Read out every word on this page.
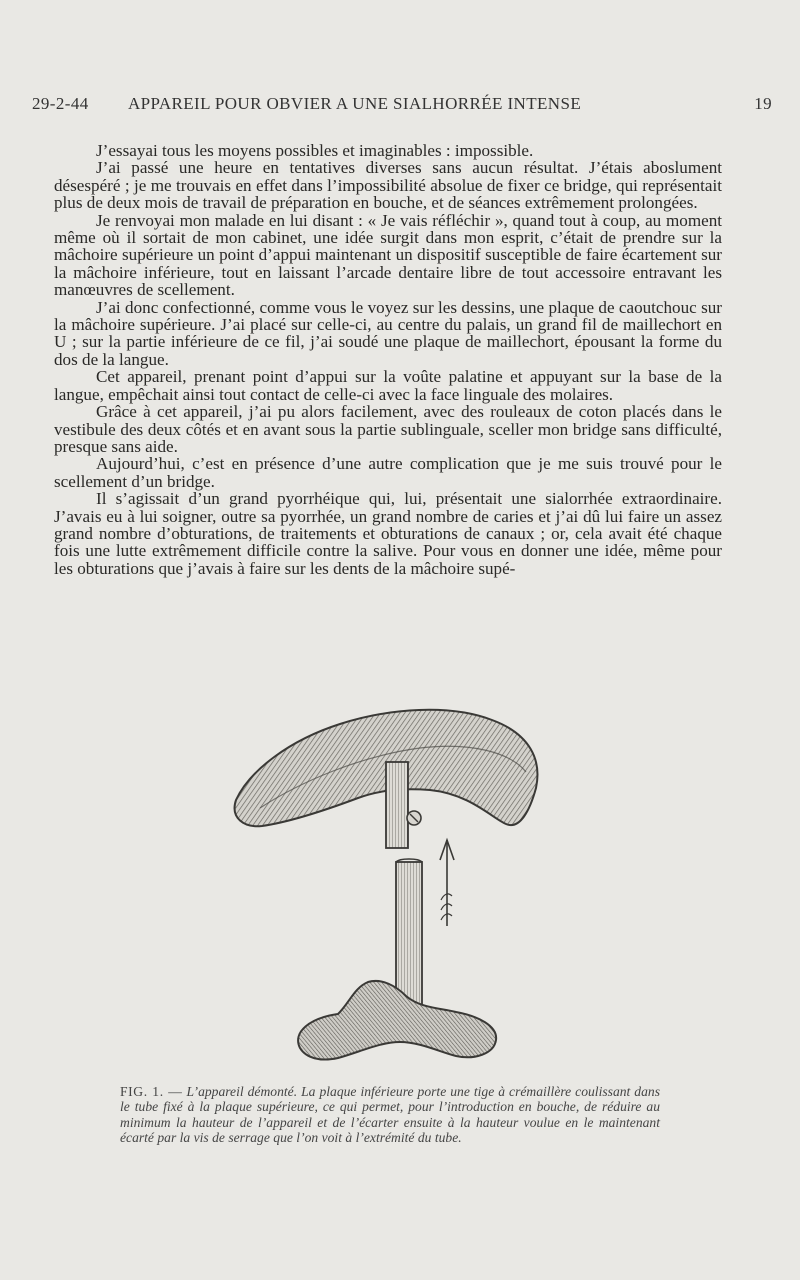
29-2-44 APPAREIL POUR OBVIER A UNE SIALHORRÉE INTENSE	19

J’essayai tous les moyens possibles et imaginables : impossible.

J’ai passé une heure en tentatives diverses sans aucun résultat. J’étais aboslument désespéré ; je me trouvais en effet dans l’impossibilité absolue de fixer ce bridge, qui représentait plus de deux mois de travail de préparation en bouche, et de séances extrêmement prolongées.

Je renvoyai mon malade en lui disant : « Je vais réfléchir », quand tout à coup, au moment même où il sortait de mon cabinet, une idée surgit dans mon esprit, c’était de prendre sur la mâchoire supérieure un point d’appui maintenant un dispositif susceptible de faire écartement sur la mâchoire inférieure, tout en laissant l’arcade dentaire libre de tout accessoire entravant les manœuvres de scellement.

J’ai donc confectionné, comme vous le voyez sur les dessins, une plaque de caoutchouc sur la mâchoire supérieure. J’ai placé sur celle-ci, au centre du palais, un grand fil de maillechort en U ; sur la partie inférieure de ce fil, j’ai soudé une plaque de maillechort, épousant la forme du dos de la langue.

Cet appareil, prenant point d’appui sur la voûte palatine et appuyant sur la base de la langue, empêchait ainsi tout contact de celle-ci avec la face linguale des molaires.

Grâce à cet appareil, j’ai pu alors facilement, avec des rouleaux de coton placés dans le vestibule des deux côtés et en avant sous la partie sublinguale, sceller mon bridge sans difficulté, presque sans aide.

Aujourd’hui, c’est en présence d’une autre complication que je me suis trouvé pour le scellement d’un bridge.

Il s’agissait d’un grand pyorrhéique qui, lui, présentait une sialorrhée extraordinaire. J’avais eu à lui soigner, outre sa pyorrhée, un grand nombre de caries et j’ai dû lui faire un assez grand nombre d’obturations, de traitements et obturations de canaux ; or, cela avait été chaque fois une lutte extrêmement difficile contre la salive. Pour vous en donner une idée, même pour les obturations que j’avais à faire sur les dents de la mâchoire supé-

FIG. 1. — L’appareil démonté. La plaque inférieure porte une tige à crémaillère coulissant dans le tube fixé à la plaque supérieure, ce qui permet, pour l’introduction en bouche, de réduire au minimum la hauteur de l’appareil et de l’écarter ensuite à la hauteur voulue en le maintenant écarté par la vis de serrage que l’on voit à l’extrémité du tube.
